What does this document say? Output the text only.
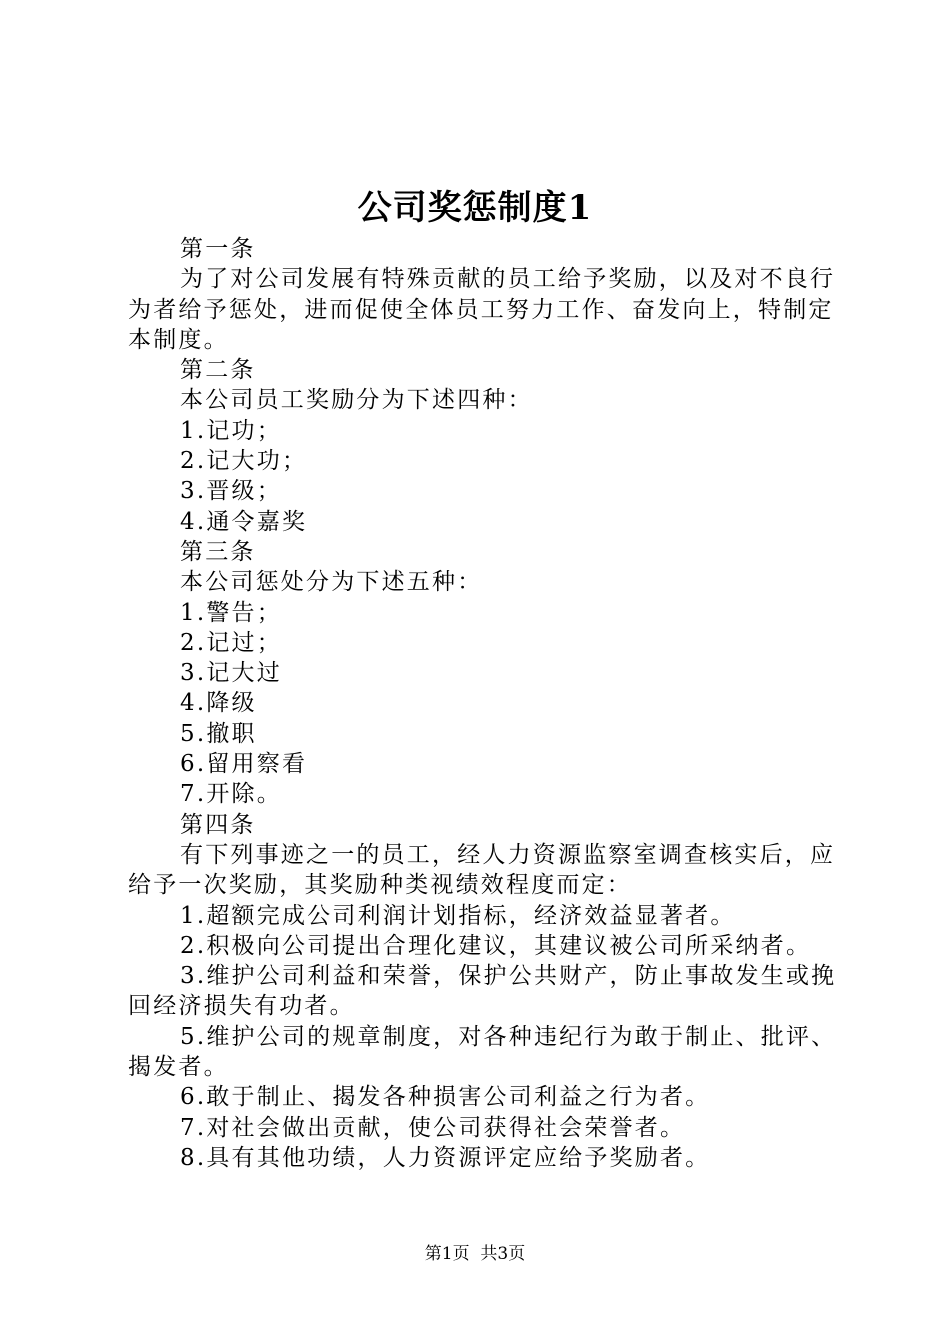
公司奖惩制度1

第一条

为了对公司发展有特殊贡献的员工给予奖励，以及对不良行为者给予惩处，进而促使全体员工努力工作、奋发向上，特制定本制度。

第二条

本公司员工奖励分为下述四种：

1.记功；

2.记大功；

3.晋级；

4.通令嘉奖

第三条

本公司惩处分为下述五种：

1.警告；

2.记过；

3.记大过

4.降级

5.撤职

6.留用察看

7.开除。

第四条

有下列事迹之一的员工，经人力资源监察室调查核实后，应给予一次奖励，其奖励种类视绩效程度而定：

1.超额完成公司利润计划指标，经济效益显著者。

2.积极向公司提出合理化建议，其建议被公司所采纳者。

3.维护公司利益和荣誉，保护公共财产，防止事故发生或挽回经济损失有功者。

5.维护公司的规章制度，对各种违纪行为敢于制止、批评、揭发者。

6.敢于制止、揭发各种损害公司利益之行为者。

7.对社会做出贡献，使公司获得社会荣誉者。

8.具有其他功绩，人力资源评定应给予奖励者。

第1页 共3页
